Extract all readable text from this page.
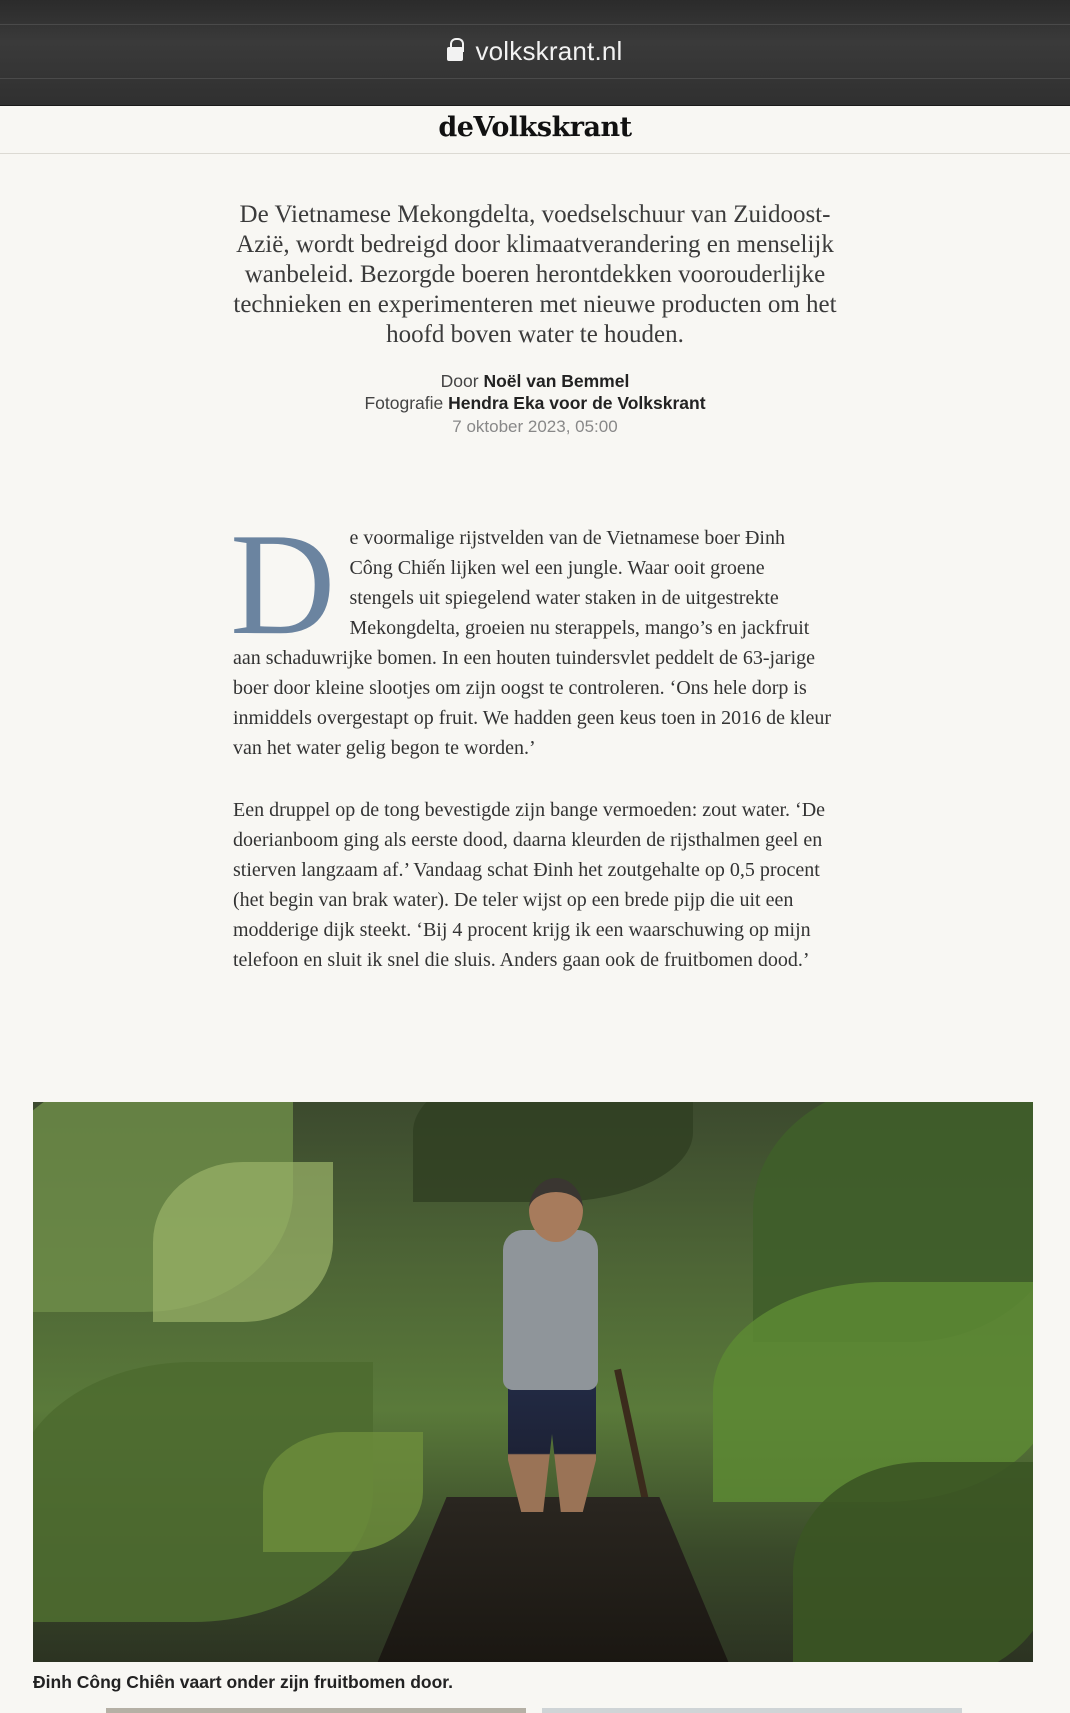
volkskrant.nl
deVolkskrant
De Vietnamese Mekongdelta, voedselschuur van Zuidoost-Azië, wordt bedreigd door klimaatverandering en menselijk wanbeleid. Bezorgde boeren herontdekken voorouderlijke technieken en experimenteren met nieuwe producten om het hoofd boven water te houden.
Door Noël van Bemmel
Fotografie Hendra Eka voor de Volkskrant
7 oktober 2023, 05:00

De voormalige rijstvelden van de Vietnamese boer Đinh Công Chiến lijken wel een jungle. Waar ooit groene stengels uit spiegelend water staken in de uitgestrekte Mekongdelta, groeien nu sterappels, mango’s en jackfruit aan schaduwrijke bomen. In een houten tuindersvlet peddelt de 63-jarige boer door kleine slootjes om zijn oogst te controleren. ‘Ons hele dorp is inmiddels overgestapt op fruit. We hadden geen keus toen in 2016 de kleur van het water gelig begon te worden.’

Een druppel op de tong bevestigde zijn bange vermoeden: zout water. ‘De doerianboom ging als eerste dood, daarna kleurden de rijsthalmen geel en stierven langzaam af.’ Vandaag schat Đinh het zoutgehalte op 0,5 procent (het begin van brak water). De teler wijst op een brede pijp die uit een modderige dijk steekt. ‘Bij 4 procent krijg ik een waarschuwing op mijn telefoon en sluit ik snel die sluis. Anders gaan ook de fruitbomen dood.’

Đinh Công Chiên vaart onder zijn fruitbomen door.
